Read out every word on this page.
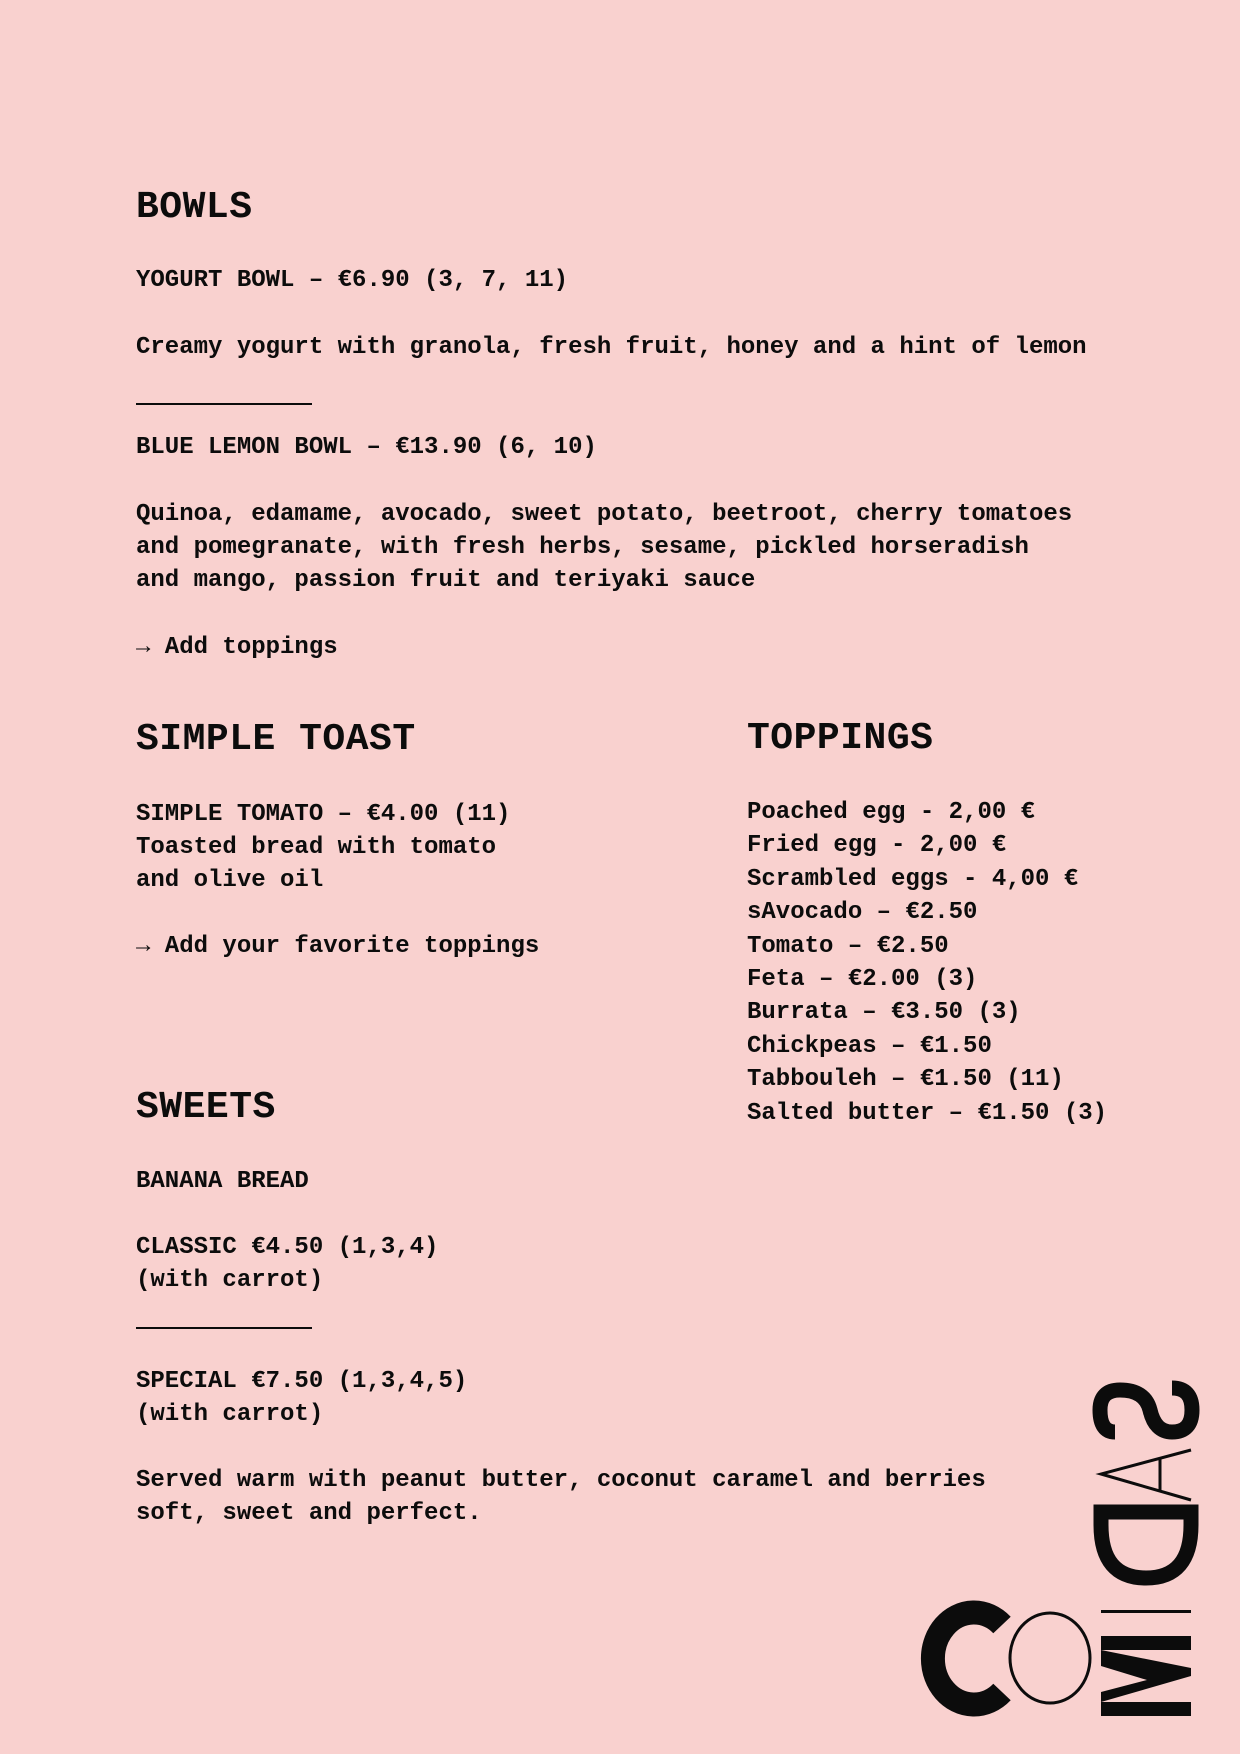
BOWLS

YOGURT BOWL – €6.90 (3, 7, 11)

Creamy yogurt with granola, fresh fruit, honey and a hint of lemon

BLUE LEMON BOWL – €13.90 (6, 10)

Quinoa, edamame, avocado, sweet potato, beetroot, cherry tomatoes

and pomegranate, with fresh herbs, sesame, pickled horseradish

and mango, passion fruit and teriyaki sauce

→ Add toppings

SIMPLE TOAST

SIMPLE TOMATO – €4.00 (11)

Toasted bread with tomato

and olive oil

→ Add your favorite toppings

TOPPINGS
Poached egg - 2,00 €
Fried egg - 2,00 €
Scrambled eggs - 4,00 €
sAvocado – €2.50
Tomato – €2.50
Feta – €2.00 (3)
Burrata – €3.50 (3)
Chickpeas – €1.50
Tabbouleh – €1.50 (11)
Salted butter – €1.50 (3)
SWEETS

BANANA BREAD

CLASSIC €4.50 (1,3,4)

(with carrot)

SPECIAL €7.50 (1,3,4,5)

(with carrot)

Served warm with peanut butter, coconut caramel and berries

soft, sweet and perfect.
